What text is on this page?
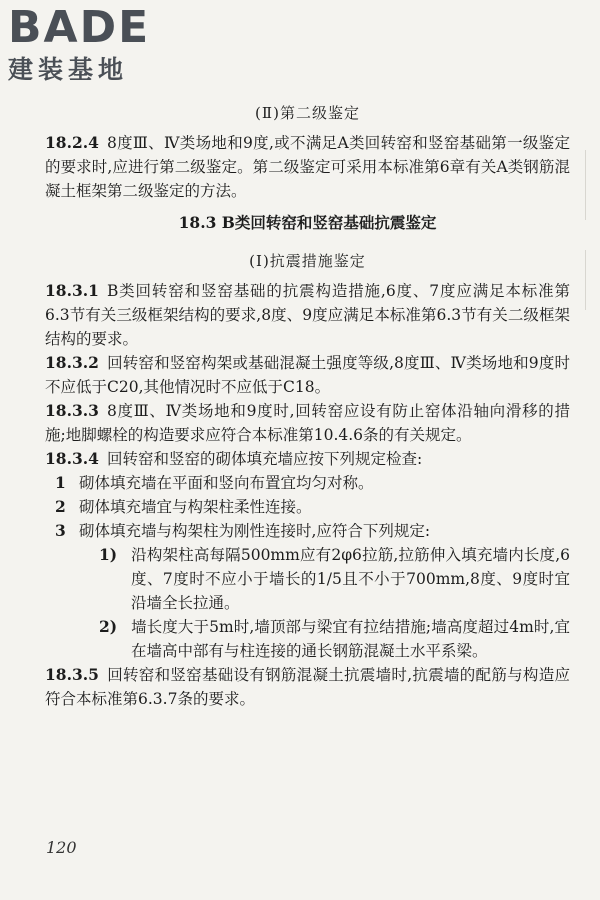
BADE
建装基地

(Ⅱ)第二级鉴定

18.2.4 8度Ⅲ、Ⅳ类场地和9度,或不满足A类回转窑和竖窑基础第一级鉴定的要求时,应进行第二级鉴定。第二级鉴定可采用本标准第6章有关A类钢筋混凝土框架第二级鉴定的方法。

18.3 B类回转窑和竖窑基础抗震鉴定

(Ⅰ)抗震措施鉴定

18.3.1 B类回转窑和竖窑基础的抗震构造措施,6度、7度应满足本标准第6.3节有关三级框架结构的要求,8度、9度应满足本标准第6.3节有关二级框架结构的要求。

18.3.2 回转窑和竖窑构架或基础混凝土强度等级,8度Ⅲ、Ⅳ类场地和9度时不应低于C20,其他情况时不应低于C18。

18.3.3 8度Ⅲ、Ⅳ类场地和9度时,回转窑应设有防止窑体沿轴向滑移的措施;地脚螺栓的构造要求应符合本标准第10.4.6条的有关规定。

18.3.4 回转窑和竖窑的砌体填充墙应按下列规定检查:

1 砌体填充墙在平面和竖向布置宜均匀对称。

2 砌体填充墙宜与构架柱柔性连接。

3 砌体填充墙与构架柱为刚性连接时,应符合下列规定:

1) 沿构架柱高每隔500mm应有2φ6拉筋,拉筋伸入填充墙内长度,6度、7度时不应小于墙长的1/5且不小于700mm,8度、9度时宜沿墙全长拉通。

2) 墙长度大于5m时,墙顶部与梁宜有拉结措施;墙高度超过4m时,宜在墙高中部有与柱连接的通长钢筋混凝土水平系梁。

18.3.5 回转窑和竖窑基础设有钢筋混凝土抗震墙时,抗震墙的配筋与构造应符合本标准第6.3.7条的要求。

120
